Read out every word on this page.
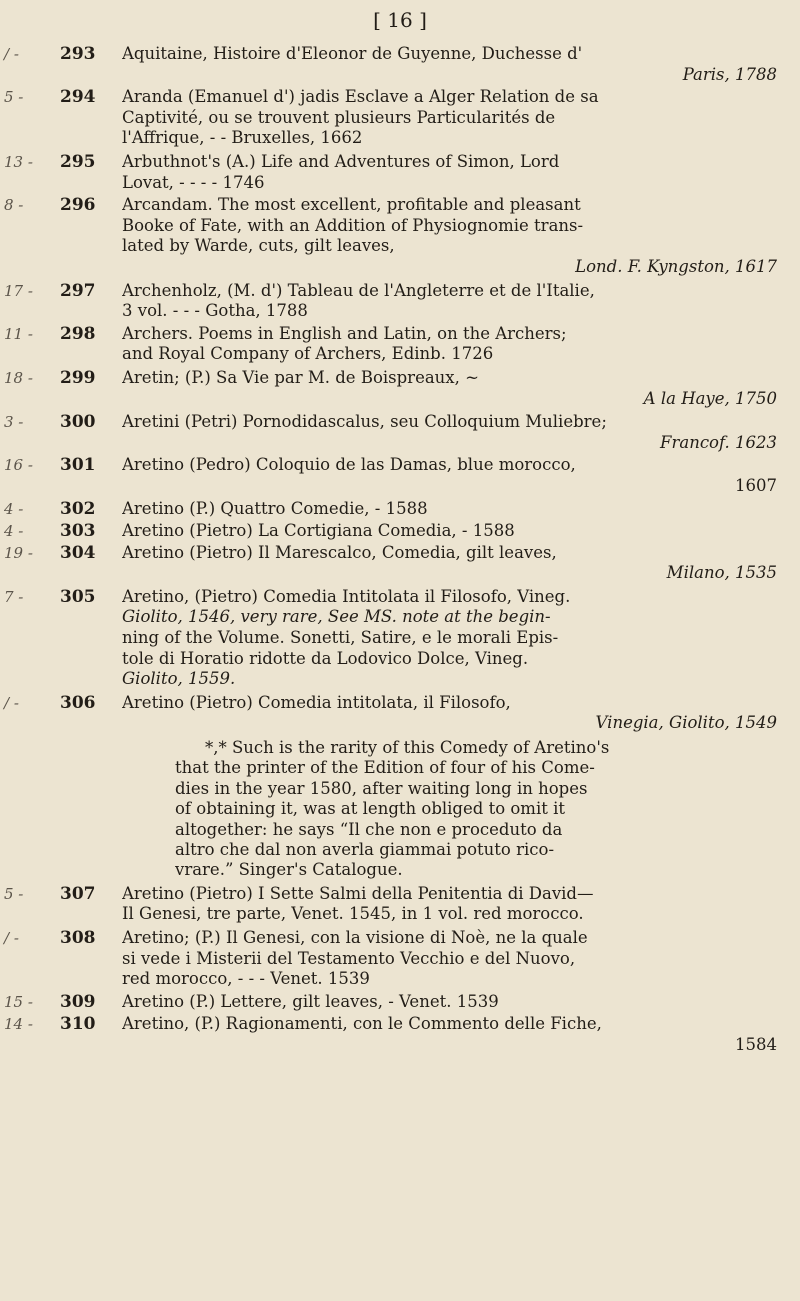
[ 16 ]
/ -	293	Aquitaine, Histoire d'Eleonor de Guyenne, Duchesse d'
Paris, 1788
5 -	294	Aranda (Emanuel d') jadis Esclave a Alger Relation de sa
Captivité, ou se trouvent plusieurs Particularités de
l'Affrique, - - Bruxelles, 1662
13 -	295	Arbuthnot's (A.) Life and Adventures of Simon, Lord
Lovat, - - - - 1746
8 -	296	Arcandam. The most excellent, profitable and pleasant
Booke of Fate, with an Addition of Physiognomie trans-
lated by Warde, cuts, gilt leaves,
Lond. F. Kyngston, 1617
17 -	297	Archenholz, (M. d') Tableau de l'Angleterre et de l'Italie,
3 vol. - - - Gotha, 1788
11 -	298	Archers. Poems in English and Latin, on the Archers;
and Royal Company of Archers, Edinb. 1726
18 -	299	Aretin; (P.) Sa Vie par M. de Boispreaux, ~
A la Haye, 1750
3 -	300	Aretini (Petri) Pornodidascalus, seu Colloquium Muliebre;
Francof. 1623
16 -	301	Aretino (Pedro) Coloquio de las Damas, blue morocco,
1607
4 -	302	Aretino (P.) Quattro Comedie, - 1588
4 -	303	Aretino (Pietro) La Cortigiana Comedia, - 1588
19 -	304	Aretino (Pietro) Il Marescalco, Comedia, gilt leaves,
Milano, 1535
7 -	305	Aretino, (Pietro) Comedia Intitolata il Filosofo, Vineg.
Giolito, 1546, very rare, See MS. note at the begin-
ning of the Volume. Sonetti, Satire, e le morali Epis-
tole di Horatio ridotte da Lodovico Dolce, Vineg.
Giolito, 1559.
/ -	306	Aretino (Pietro) Comedia intitolata, il Filosofo,
Vinegia, Giolito, 1549
*,* Such is the rarity of this Comedy of Aretino's
that the printer of the Edition of four of his Come-
dies in the year 1580, after waiting long in hopes
of obtaining it, was at length obliged to omit it
altogether: he says “Il che non e proceduto da
altro che dal non averla giammai potuto rico-
vrare.” Singer's Catalogue.
5 -	307	Aretino (Pietro) I Sette Salmi della Penitentia di David—
Il Genesi, tre parte, Venet. 1545, in 1 vol. red morocco.
/ -	308	Aretino; (P.) Il Genesi, con la visione di Noè, ne la quale
si vede i Misterii del Testamento Vecchio e del Nuovo,
red morocco, - - - Venet. 1539
15 -	309	Aretino (P.) Lettere, gilt leaves, - Venet. 1539
14 -	310	Aretino, (P.) Ragionamenti, con le Commento delle Fiche,
1584
